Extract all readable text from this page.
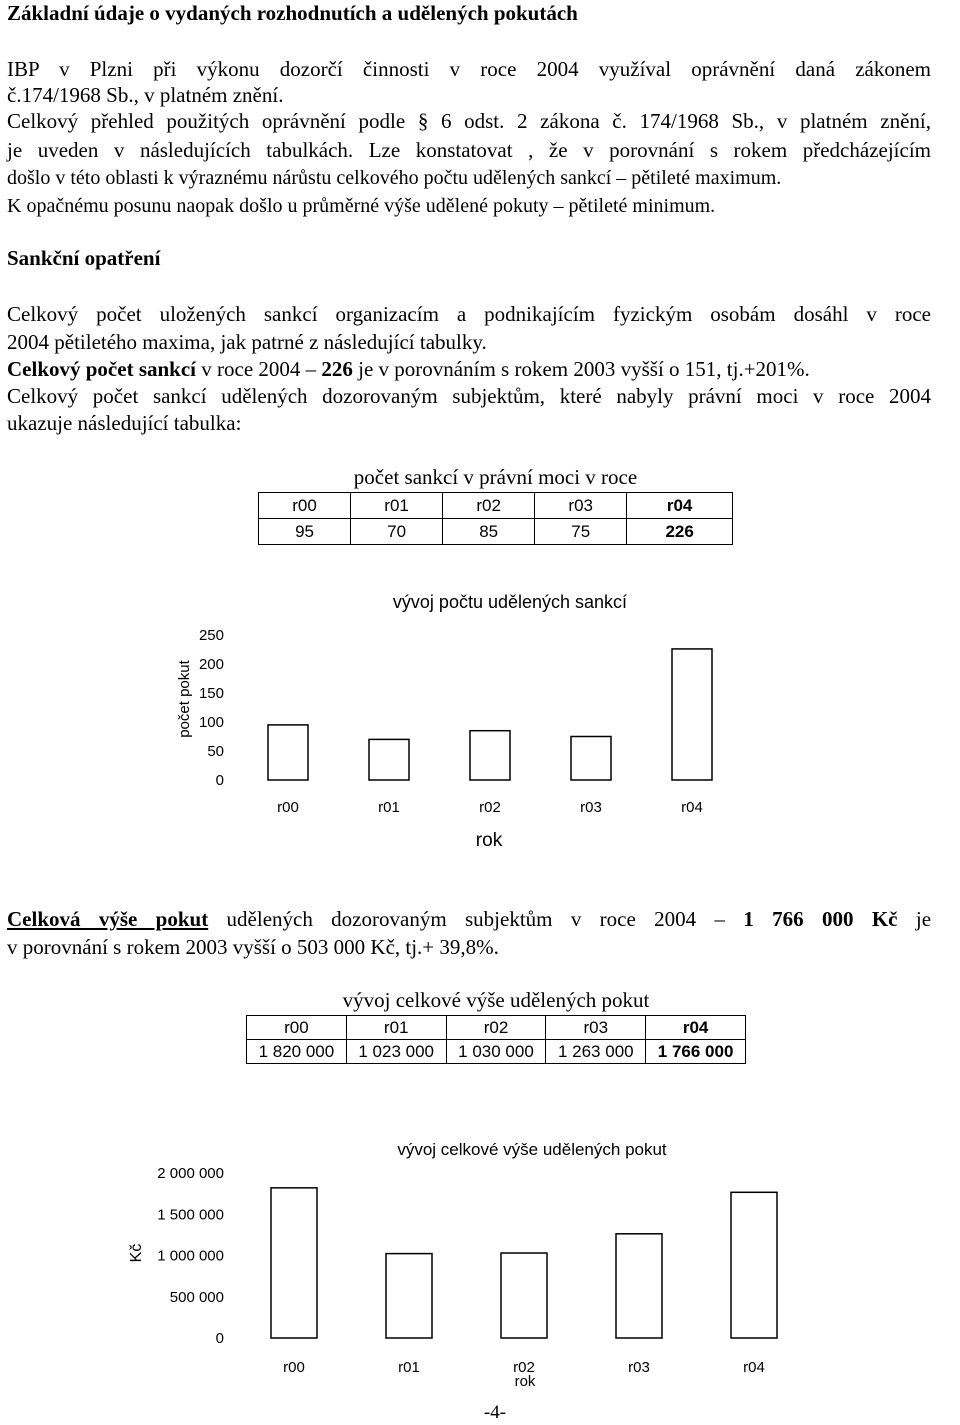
Základní údaje o vydaných rozhodnutích a udělených pokutách
IBP v Plzni při výkonu dozorčí činnosti v roce 2004 využíval oprávnění daná zákonem
č.174/1968 Sb., v platném znění.
Celkový přehled použitých oprávnění podle § 6 odst. 2 zákona č. 174/1968 Sb., v platném znění,
je uveden v následujících tabulkách. Lze konstatovat , že v porovnání s rokem předcházejícím
došlo v této oblasti k výraznému nárůstu celkového počtu udělených sankcí – pětileté maximum.
K opačnému posunu naopak došlo u průměrné výše udělené pokuty – pětileté minimum.
Sankční opatření
Celkový počet uložených sankcí organizacím a podnikajícím fyzickým osobám dosáhl v roce
2004 pětiletého maxima, jak patrné z následující tabulky.
Celkový počet sankcí v roce 2004 – 226 je v porovnáním s rokem 2003 vyšší o 151, tj.+201%.
Celkový počet sankcí udělených dozorovaným subjektům, které nabyly právní moci v roce 2004
ukazuje následující tabulka:
počet sankcí v právní moci v roce
r00	r01	r02	r03	r04
95	70	85	75	226
vývoj počtu udělených sankcí
počet pokut
0
50
100
150
200
250
r00	r01	r02	r03	r04
rok
Celková výše pokut udělených dozorovaným subjektům v roce 2004 – 1 766 000 Kč je
v porovnání s rokem 2003 vyšší o 503 000 Kč, tj.+ 39,8%.
vývoj celkové výše udělených pokut
r00	r01	r02	r03	r04
1 820 000	1 023 000	1 030 000	1 263 000	1 766 000
vývoj celkové výše udělených pokut
Kč
0
500 000
1 000 000
1 500 000
2 000 000
r00	r01	r02	r03	r04
rok
-4-
